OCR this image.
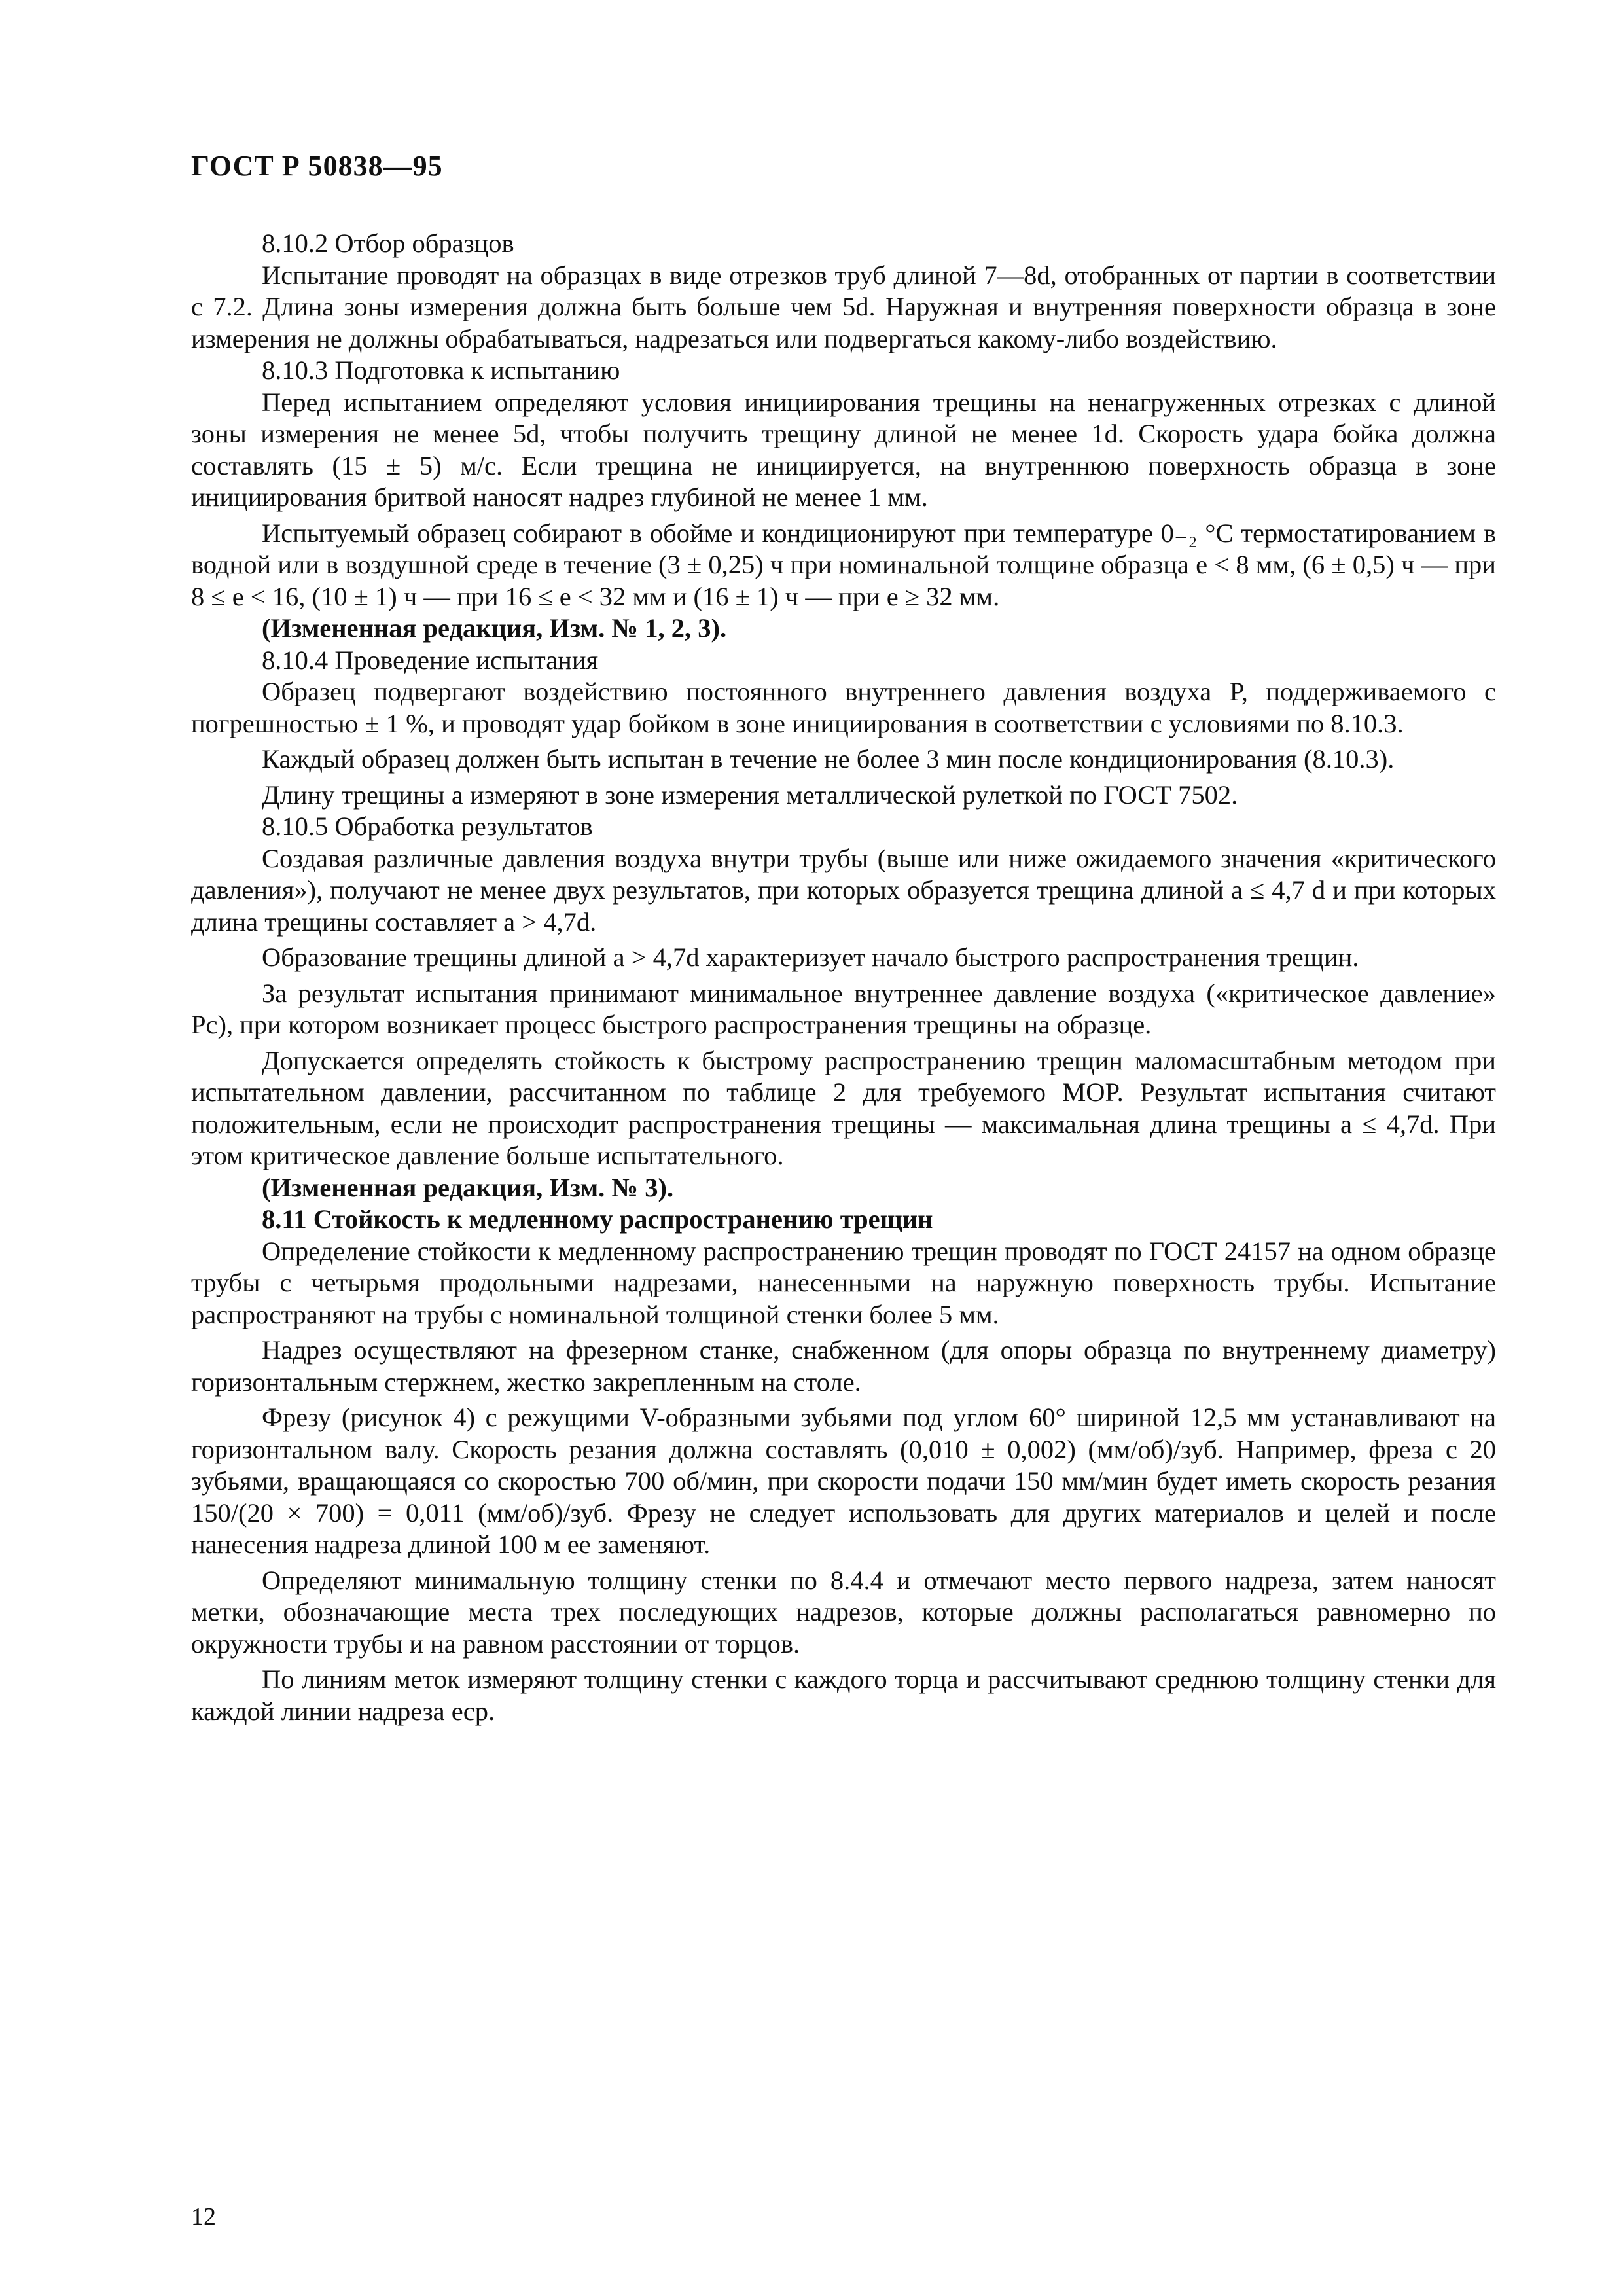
ГОСТ Р 50838—95

8.10.2 Отбор образцов

Испытание проводят на образцах в виде отрезков труб длиной 7—8d, отобранных от партии в соответствии с 7.2. Длина зоны измерения должна быть больше чем 5d. Наружная и внутренняя поверхности образца в зоне измерения не должны обрабатываться, надрезаться или подвергаться какому-либо воздействию.

8.10.3 Подготовка к испытанию

Перед испытанием определяют условия инициирования трещины на ненагруженных отрезках с длиной зоны измерения не менее 5d, чтобы получить трещину длиной не менее 1d. Скорость удара бойка должна составлять (15 ± 5) м/с. Если трещина не инициируется, на внутреннюю поверхность образца в зоне инициирования бритвой наносят надрез глубиной не менее 1 мм.

Испытуемый образец собирают в обойме и кондиционируют при температуре 0₋₂ °С термостатированием в водной или в воздушной среде в течение (3 ± 0,25) ч при номинальной толщине образца e < 8 мм, (6 ± 0,5) ч — при 8 ≤ e < 16, (10 ± 1) ч — при 16 ≤ e < 32 мм и (16 ± 1) ч — при e ≥ 32 мм.

(Измененная редакция, Изм. № 1, 2, 3).

8.10.4 Проведение испытания

Образец подвергают воздействию постоянного внутреннего давления воздуха P, поддерживаемого с погрешностью ± 1 %, и проводят удар бойком в зоне инициирования в соответствии с условиями по 8.10.3.

Каждый образец должен быть испытан в течение не более 3 мин после кондиционирования (8.10.3).

Длину трещины a измеряют в зоне измерения металлической рулеткой по ГОСТ 7502.

8.10.5 Обработка результатов

Создавая различные давления воздуха внутри трубы (выше или ниже ожидаемого значения «критического давления»), получают не менее двух результатов, при которых образуется трещина длиной a ≤ 4,7 d и при которых длина трещины составляет a > 4,7d.

Образование трещины длиной a > 4,7d характеризует начало быстрого распространения трещин.

За результат испытания принимают минимальное внутреннее давление воздуха («критическое давление» Pc), при котором возникает процесс быстрого распространения трещины на образце.

Допускается определять стойкость к быстрому распространению трещин маломасштабным методом при испытательном давлении, рассчитанном по таблице 2 для требуемого MOP. Результат испытания считают положительным, если не происходит распространения трещины — максимальная длина трещины a ≤ 4,7d. При этом критическое давление больше испытательного.

(Измененная редакция, Изм. № 3).

8.11 Стойкость к медленному распространению трещин

Определение стойкости к медленному распространению трещин проводят по ГОСТ 24157 на одном образце трубы с четырьмя продольными надрезами, нанесенными на наружную поверхность трубы. Испытание распространяют на трубы с номинальной толщиной стенки более 5 мм.

Надрез осуществляют на фрезерном станке, снабженном (для опоры образца по внутреннему диаметру) горизонтальным стержнем, жестко закрепленным на столе.

Фрезу (рисунок 4) с режущими V-образными зубьями под углом 60° шириной 12,5 мм устанавливают на горизонтальном валу. Скорость резания должна составлять (0,010 ± 0,002) (мм/об)/зуб. Например, фреза с 20 зубьями, вращающаяся со скоростью 700 об/мин, при скорости подачи 150 мм/мин будет иметь скорость резания 150/(20 × 700) = 0,011 (мм/об)/зуб. Фрезу не следует использовать для других материалов и целей и после нанесения надреза длиной 100 м ее заменяют.

Определяют минимальную толщину стенки по 8.4.4 и отмечают место первого надреза, затем наносят метки, обозначающие места трех последующих надрезов, которые должны располагаться равномерно по окружности трубы и на равном расстоянии от торцов.

По линиям меток измеряют толщину стенки с каждого торца и рассчитывают среднюю толщину стенки для каждой линии надреза eср.

12
